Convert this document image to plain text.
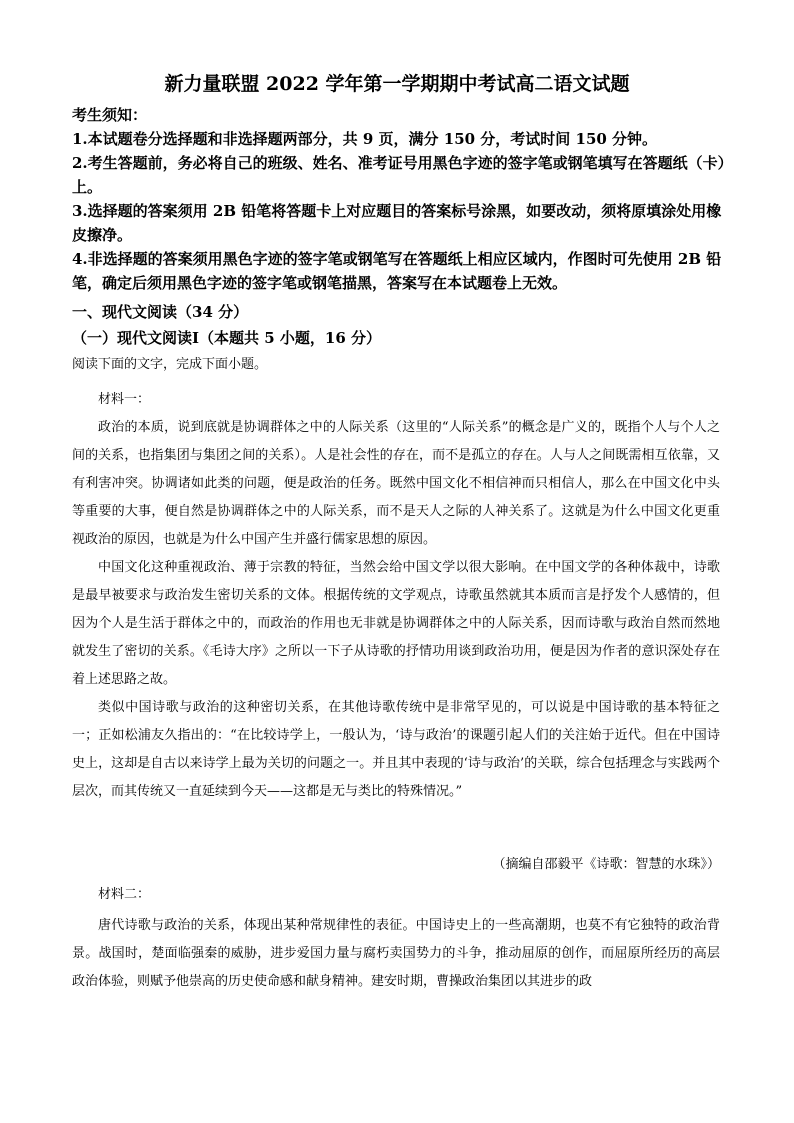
新力量联盟 2022 学年第一学期期中考试高二语文试题

考生须知：

1.本试题卷分选择题和非选择题两部分，共 9 页，满分 150 分，考试时间 150 分钟。

2.考生答题前，务必将自己的班级、姓名、准考证号用黑色字迹的签字笔或钢笔填写在答题纸（卡）上。

3.选择题的答案须用 2B 铅笔将答题卡上对应题目的答案标号涂黑，如要改动，须将原填涂处用橡皮擦净。

4.非选择题的答案须用黑色字迹的签字笔或钢笔写在答题纸上相应区域内，作图时可先使用 2B 铅笔，确定后须用黑色字迹的签字笔或钢笔描黑，答案写在本试题卷上无效。

一、现代文阅读（34 分）
（一）现代文阅读Ⅰ（本题共 5 小题，16 分）
阅读下面的文字，完成下面小题。
材料一：

政治的本质，说到底就是协调群体之中的人际关系（这里的“人际关系”的概念是广义的，既指个人与个人之间的关系，也指集团与集团之间的关系）。人是社会性的存在，而不是孤立的存在。人与人之间既需相互依靠，又有利害冲突。协调诸如此类的问题，便是政治的任务。既然中国文化不相信神而只相信人，那么在中国文化中头等重要的大事，便自然是协调群体之中的人际关系，而不是天人之际的人神关系了。这就是为什么中国文化更重视政治的原因，也就是为什么中国产生并盛行儒家思想的原因。

中国文化这种重视政治、薄于宗教的特征，当然会给中国文学以很大影响。在中国文学的各种体裁中，诗歌是最早被要求与政治发生密切关系的文体。根据传统的文学观点，诗歌虽然就其本质而言是抒发个人感情的，但因为个人是生活于群体之中的，而政治的作用也无非就是协调群体之中的人际关系，因而诗歌与政治自然而然地就发生了密切的关系。《毛诗大序》之所以一下子从诗歌的抒情功用谈到政治功用，便是因为作者的意识深处存在着上述思路之故。

类似中国诗歌与政治的这种密切关系，在其他诗歌传统中是非常罕见的，可以说是中国诗歌的基本特征之一；正如松浦友久指出的：“在比较诗学上，一般认为，‘诗与政治’的课题引起人们的关注始于近代。但在中国诗史上，这却是自古以来诗学上最为关切的问题之一。并且其中表现的‘诗与政治’的关联，综合包括理念与实践两个层次，而其传统又一直延续到今天——这都是无与类比的特殊情况。”

（摘编自邵毅平《诗歌：智慧的水珠》）
材料二：

唐代诗歌与政治的关系，体现出某种常规律性的表征。中国诗史上的一些高潮期，也莫不有它独特的政治背景。战国时，楚面临强秦的威胁，进步爱国力量与腐朽卖国势力的斗争，推动屈原的创作，而屈原所经历的高层政治体验，则赋予他崇高的历史使命感和献身精神。建安时期，曹操政治集团以其进步的政
